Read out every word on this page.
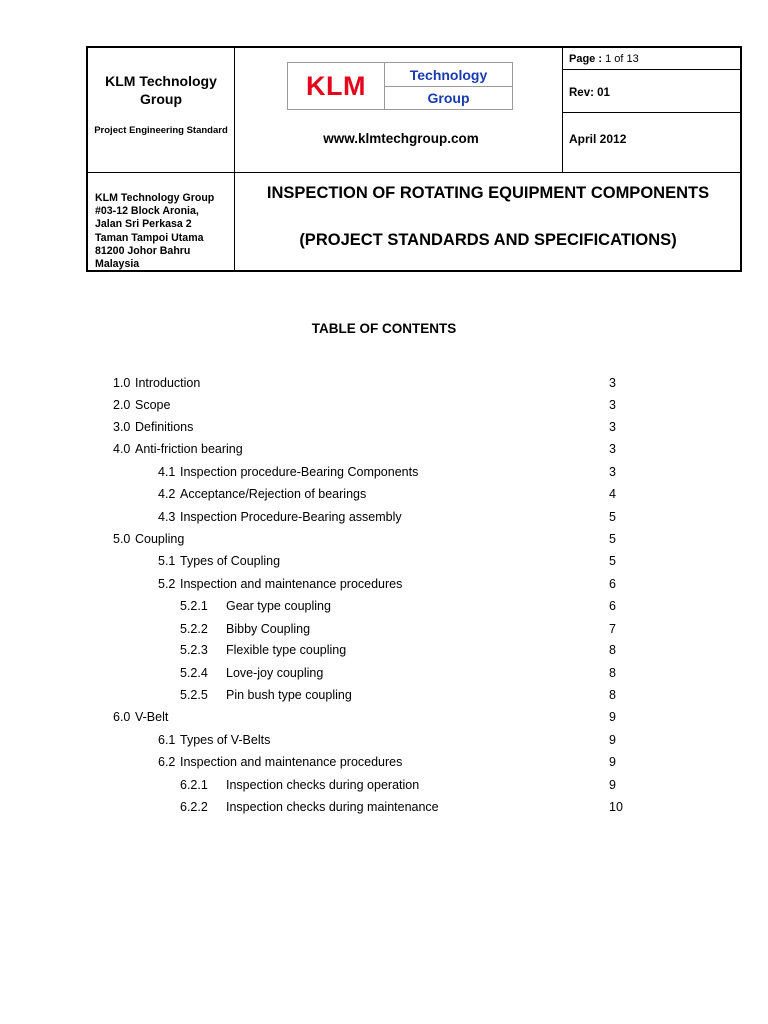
KLM Technology Group
Project Engineering Standard
KLM	Technology
Group
www.klmtechgroup.com
Page : 1 of 13
Rev: 01
April 2012
KLM Technology Group
#03-12 Block Aronia,
Jalan Sri Perkasa 2
Taman Tampoi Utama
81200 Johor Bahru
Malaysia
INSPECTION OF ROTATING EQUIPMENT COMPONENTS
(PROJECT STANDARDS AND SPECIFICATIONS)
TABLE OF CONTENTS
1.0 Introduction	3
2.0 Scope	3
3.0 Definitions	3
4.0 Anti-friction bearing	3
4.1 Inspection procedure-Bearing Components	3
4.2 Acceptance/Rejection of bearings	4
4.3 Inspection Procedure-Bearing assembly	5
5.0 Coupling	5
5.1 Types of Coupling	5
5.2 Inspection and maintenance procedures	6
5.2.1 Gear type coupling	6
5.2.2 Bibby Coupling	7
5.2.3 Flexible type coupling	8
5.2.4 Love-joy coupling	8
5.2.5 Pin bush type coupling	8
6.0 V-Belt	9
6.1 Types of V-Belts	9
6.2 Inspection and maintenance procedures	9
6.2.1 Inspection checks during operation	9
6.2.2 Inspection checks during maintenance	10
